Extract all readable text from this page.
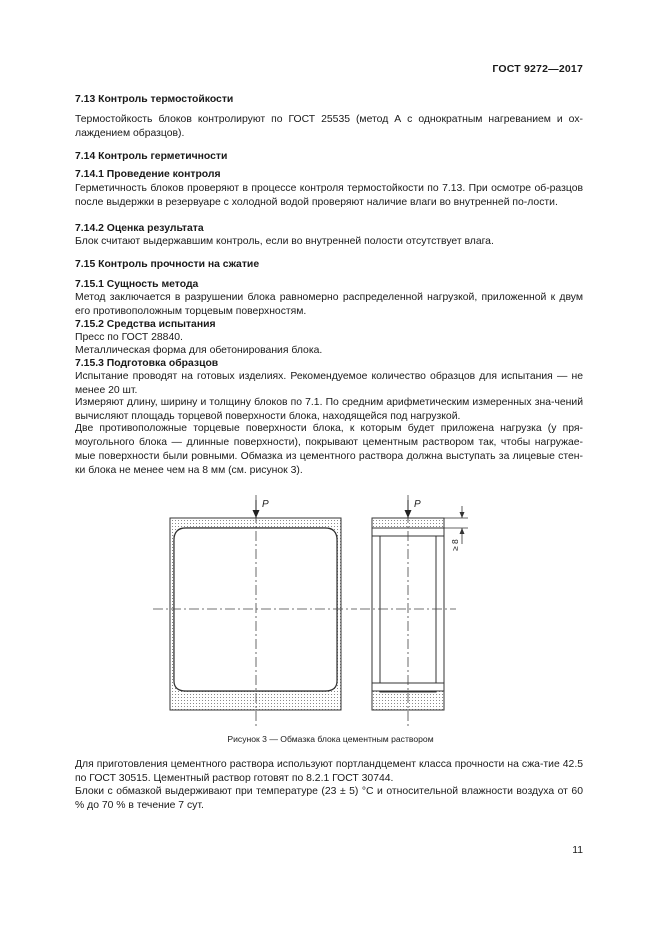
ГОСТ 9272—2017
7.13 Контроль термостойкости
Термостойкость блоков контролируют по ГОСТ 25535 (метод А с однократным нагреванием и ох-лаждением образцов).
7.14 Контроль герметичности
7.14.1 Проведение контроля
Герметичность блоков проверяют в процессе контроля термостойкости по 7.13. При осмотре об-разцов после выдержки в резервуаре с холодной водой проверяют наличие влаги во внутренней по-лости.
7.14.2 Оценка результата
Блок считают выдержавшим контроль, если во внутренней полости отсутствует влага.
7.15 Контроль прочности на сжатие
7.15.1 Сущность метода
Метод заключается в разрушении блока равномерно распределенной нагрузкой, приложенной к двум его противоположным торцевым поверхностям.
7.15.2 Средства испытания
Пресс по ГОСТ 28840.
Металлическая форма для обетонирования блока.
7.15.3 Подготовка образцов
Испытание проводят на готовых изделиях. Рекомендуемое количество образцов для испытания — не менее 20 шт.
Измеряют длину, ширину и толщину блоков по 7.1. По средним арифметическим измеренных зна-чений вычисляют площадь торцевой поверхности блока, находящейся под нагрузкой.
Две противоположные торцевые поверхности блока, к которым будет приложена нагрузка (у пря-моугольного блока — длинные поверхности), покрывают цементным раствором так, чтобы нагружае-мые поверхности были ровными. Обмазка из цементного раствора должна выступать за лицевые стен-ки блока не менее чем на 8 мм (см. рисунок 3).
P	P
≥ 8
Рисунок 3 — Обмазка блока цементным раствором
Для приготовления цементного раствора используют портландцемент класса прочности на сжа-тие 42.5 по ГОСТ 30515. Цементный раствор готовят по 8.2.1 ГОСТ 30744.
Блоки с обмазкой выдерживают при температуре (23 ± 5) °С и относительной влажности воздуха от 60 % до 70 % в течение 7 сут.
11
